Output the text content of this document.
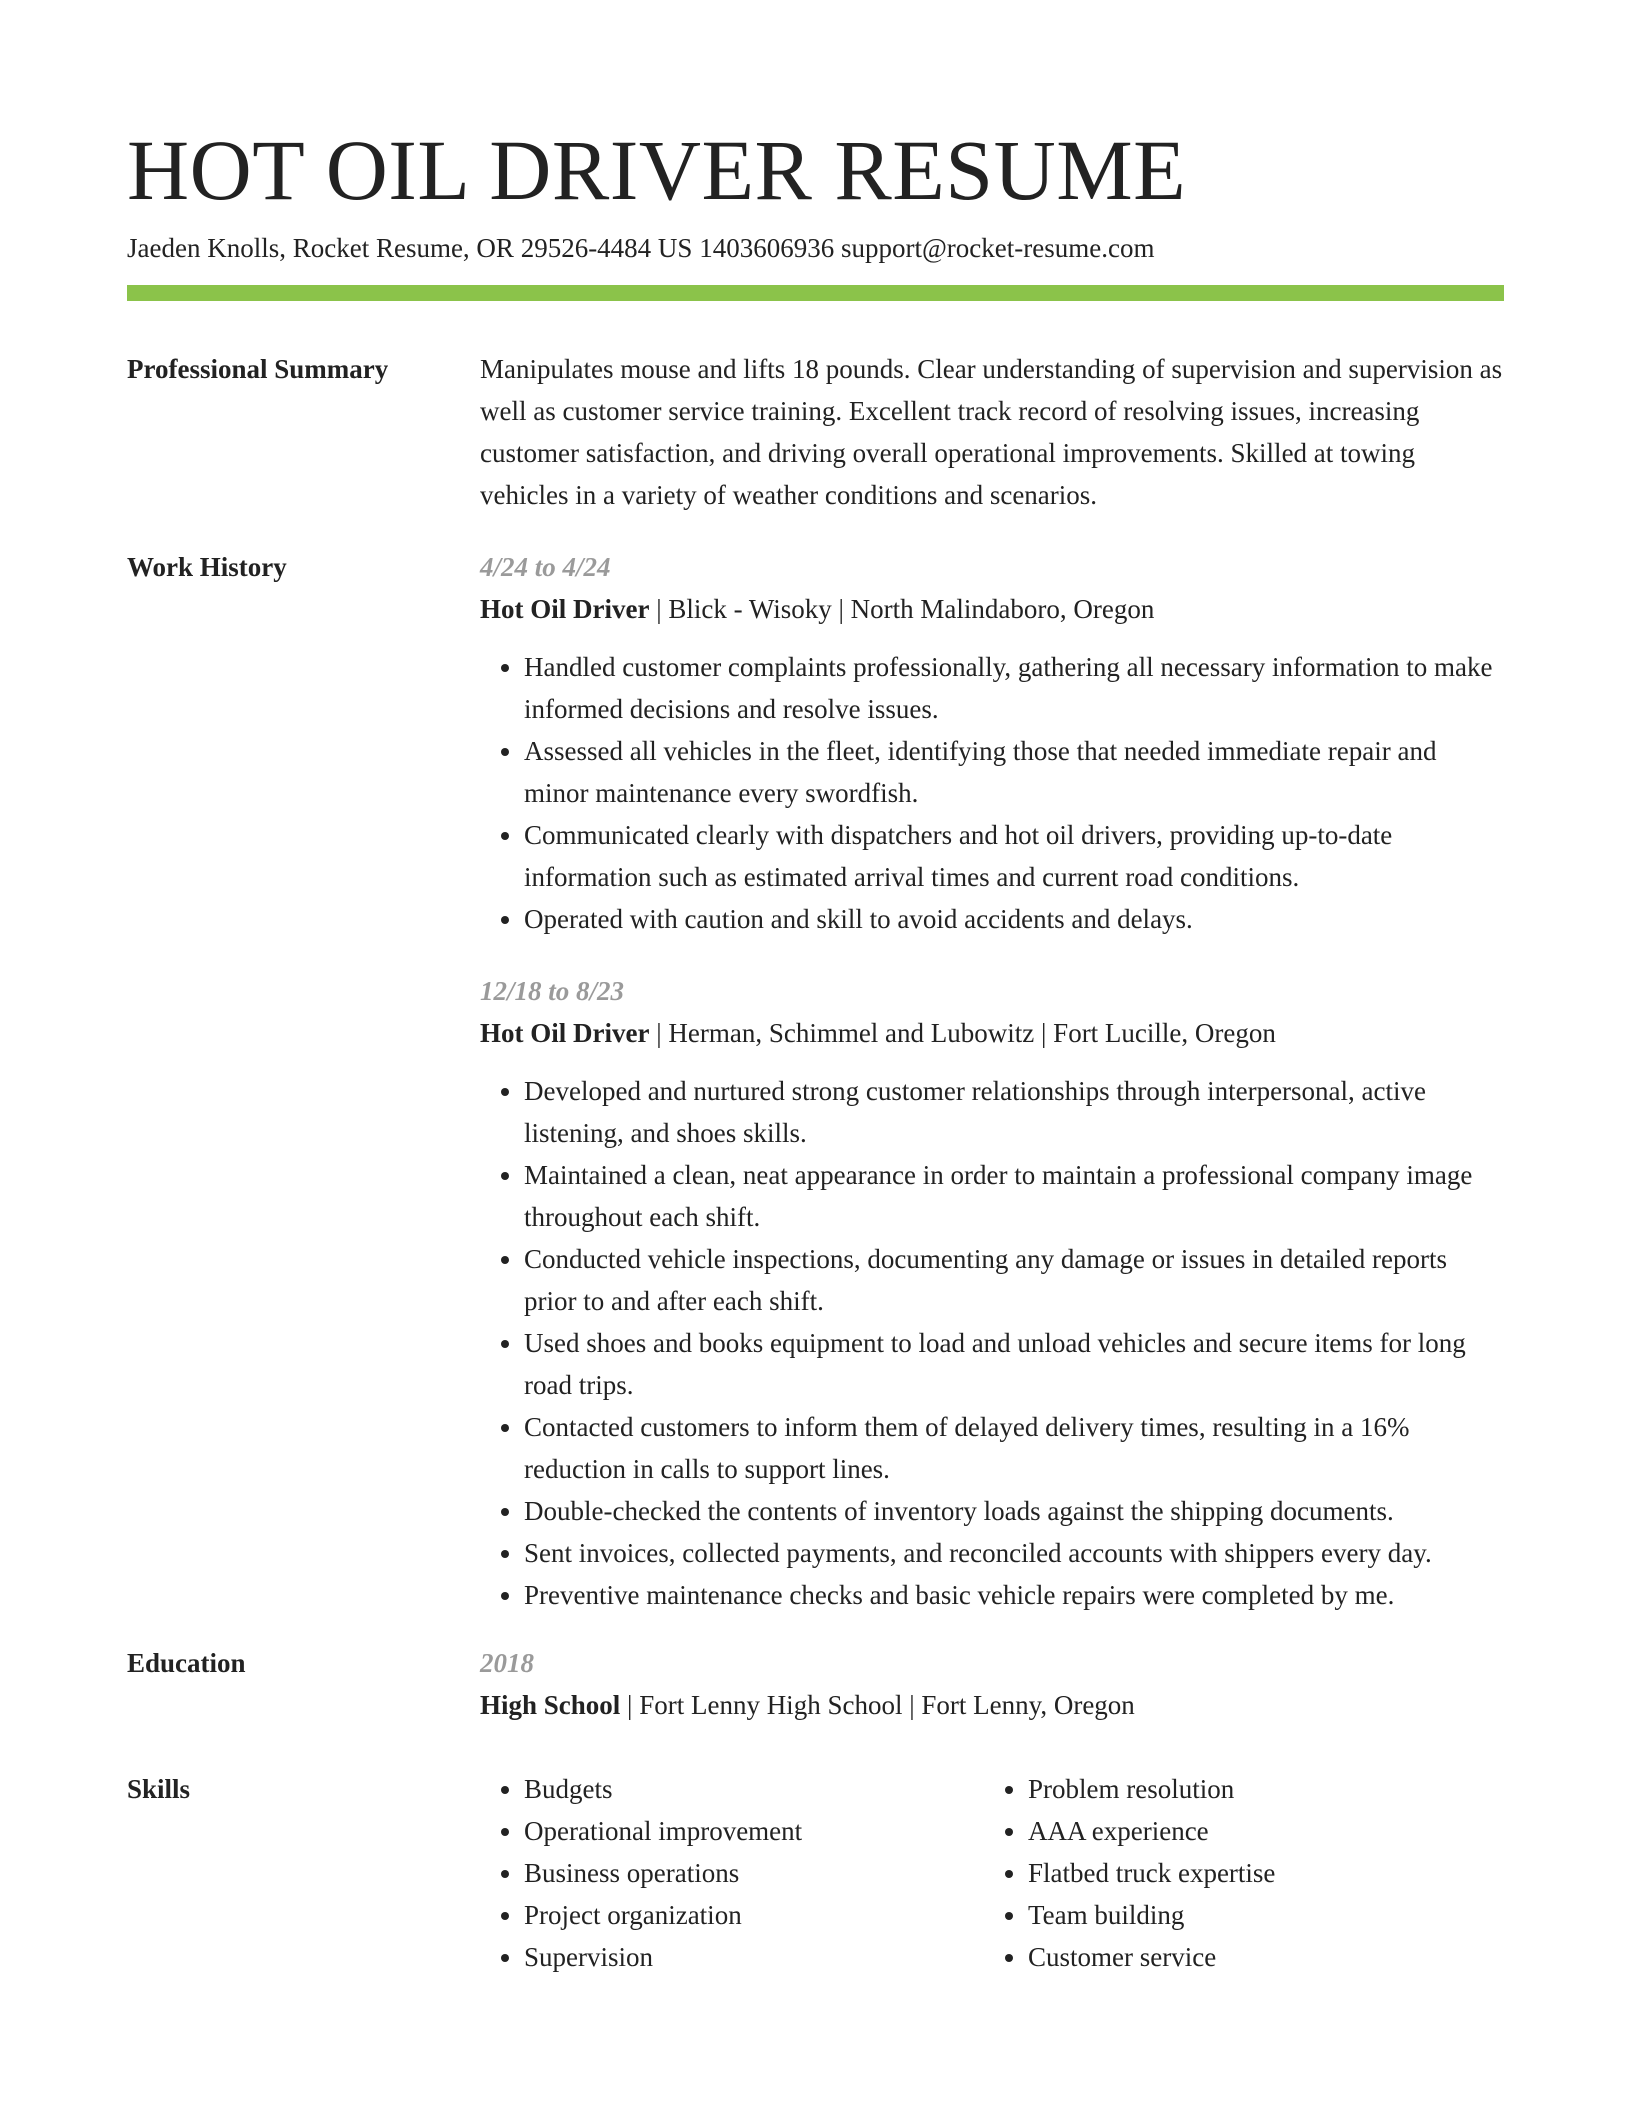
HOT OIL DRIVER RESUME
Jaeden Knolls, Rocket Resume, OR 29526-4484 US 1403606936 support@rocket-resume.com
Professional Summary	Manipulates mouse and lifts 18 pounds. Clear understanding of supervision and supervision as well as customer service training. Excellent track record of resolving issues, increasing customer satisfaction, and driving overall operational improvements. Skilled at towing vehicles in a variety of weather conditions and scenarios.

Work History	4/24 to 4/24
Hot Oil Driver | Blick - Wisoky | North Malindaboro, Oregon
• Handled customer complaints professionally, gathering all necessary information to make informed decisions and resolve issues.
• Assessed all vehicles in the fleet, identifying those that needed immediate repair and minor maintenance every swordfish.
• Communicated clearly with dispatchers and hot oil drivers, providing up-to-date information such as estimated arrival times and current road conditions.
• Operated with caution and skill to avoid accidents and delays.
12/18 to 8/23
Hot Oil Driver | Herman, Schimmel and Lubowitz | Fort Lucille, Oregon
• Developed and nurtured strong customer relationships through interpersonal, active listening, and shoes skills.
• Maintained a clean, neat appearance in order to maintain a professional company image throughout each shift.
• Conducted vehicle inspections, documenting any damage or issues in detailed reports prior to and after each shift.
• Used shoes and books equipment to load and unload vehicles and secure items for long road trips.
• Contacted customers to inform them of delayed delivery times, resulting in a 16% reduction in calls to support lines.
• Double-checked the contents of inventory loads against the shipping documents.
• Sent invoices, collected payments, and reconciled accounts with shippers every day.
• Preventive maintenance checks and basic vehicle repairs were completed by me.
Education	2018
High School | Fort Lenny High School | Fort Lenny, Oregon
Skills
•	Budgets
• Operational improvement
• Business operations
• Project organization
• Supervision
• Problem resolution
• AAA experience
• Flatbed truck expertise
• Team building
• Customer service
